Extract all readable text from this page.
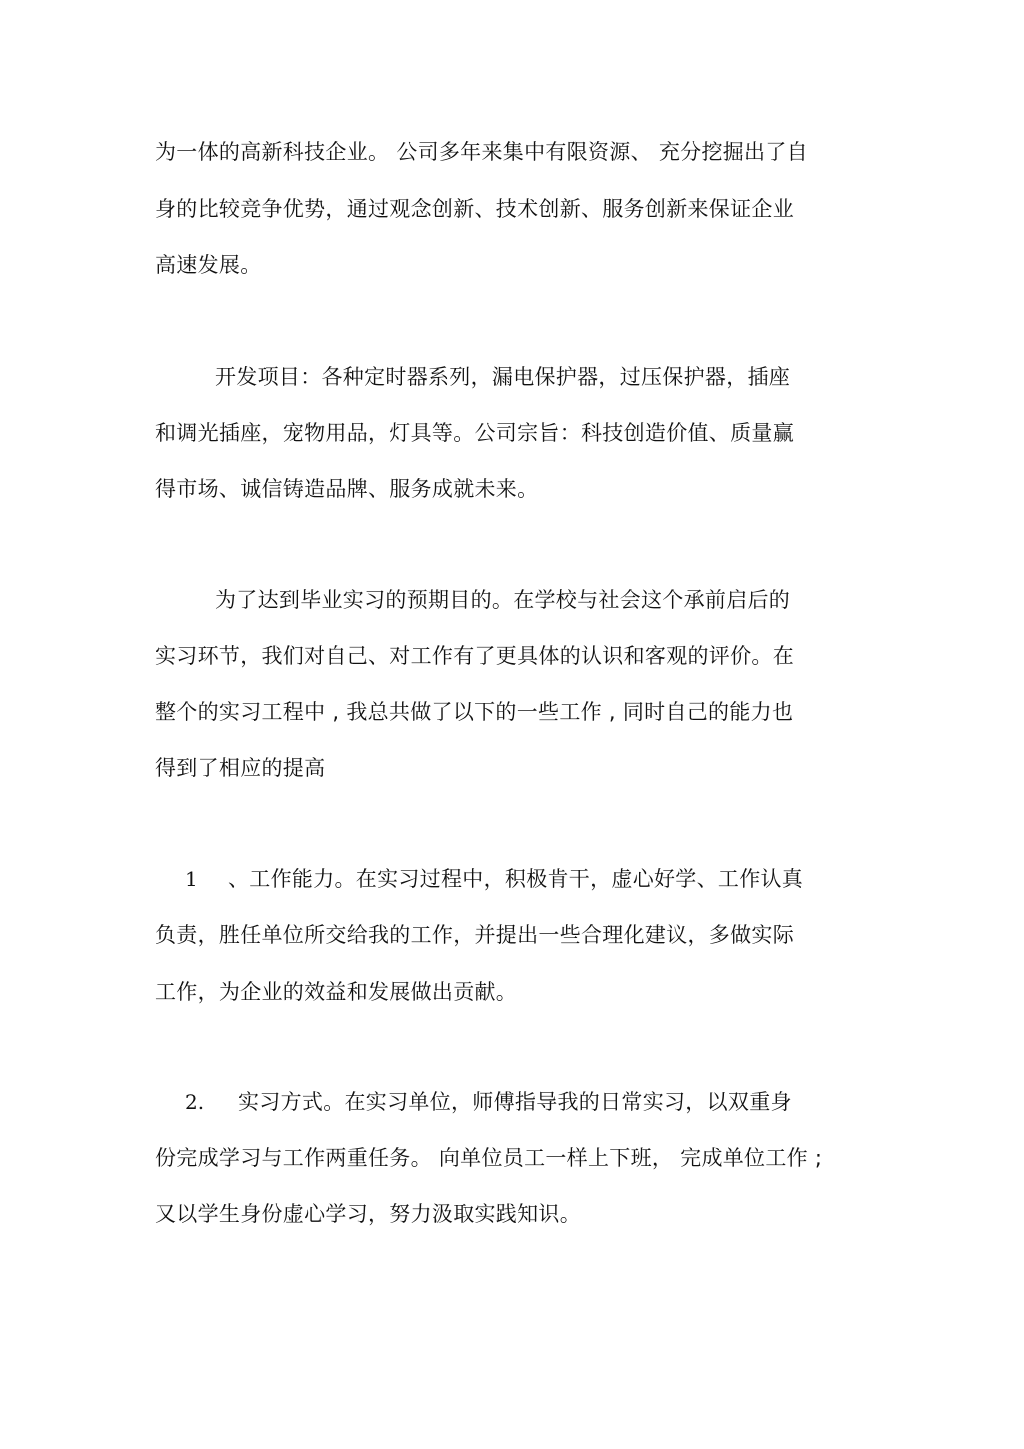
为一体的高新科技企业。 公司多年来集中有限资源、 充分挖掘出了自
身的比较竞争优势，通过观念创新、技术创新、服务创新来保证企业
高速发展。
开发项目：各种定时器系列，漏电保护器，过压保护器，插座
和调光插座，宠物用品，灯具等。公司宗旨：科技创造价值、质量赢
得市场、诚信铸造品牌、服务成就未来。
为了达到毕业实习的预期目的。在学校与社会这个承前启后的
实习环节，我们对自己、对工作有了更具体的认识和客观的评价。在
整个的实习工程中 , 我总共做了以下的一些工作 , 同时自己的能力也
得到了相应的提高
1 、工作能力。在实习过程中，积极肯干，虚心好学、工作认真
负责，胜任单位所交给我的工作，并提出一些合理化建议，多做实际
工作，为企业的效益和发展做出贡献。
2. 实习方式。在实习单位，师傅指导我的日常实习，以双重身
份完成学习与工作两重任务。 向单位员工一样上下班， 完成单位工作 ;
又以学生身份虚心学习，努力汲取实践知识。
